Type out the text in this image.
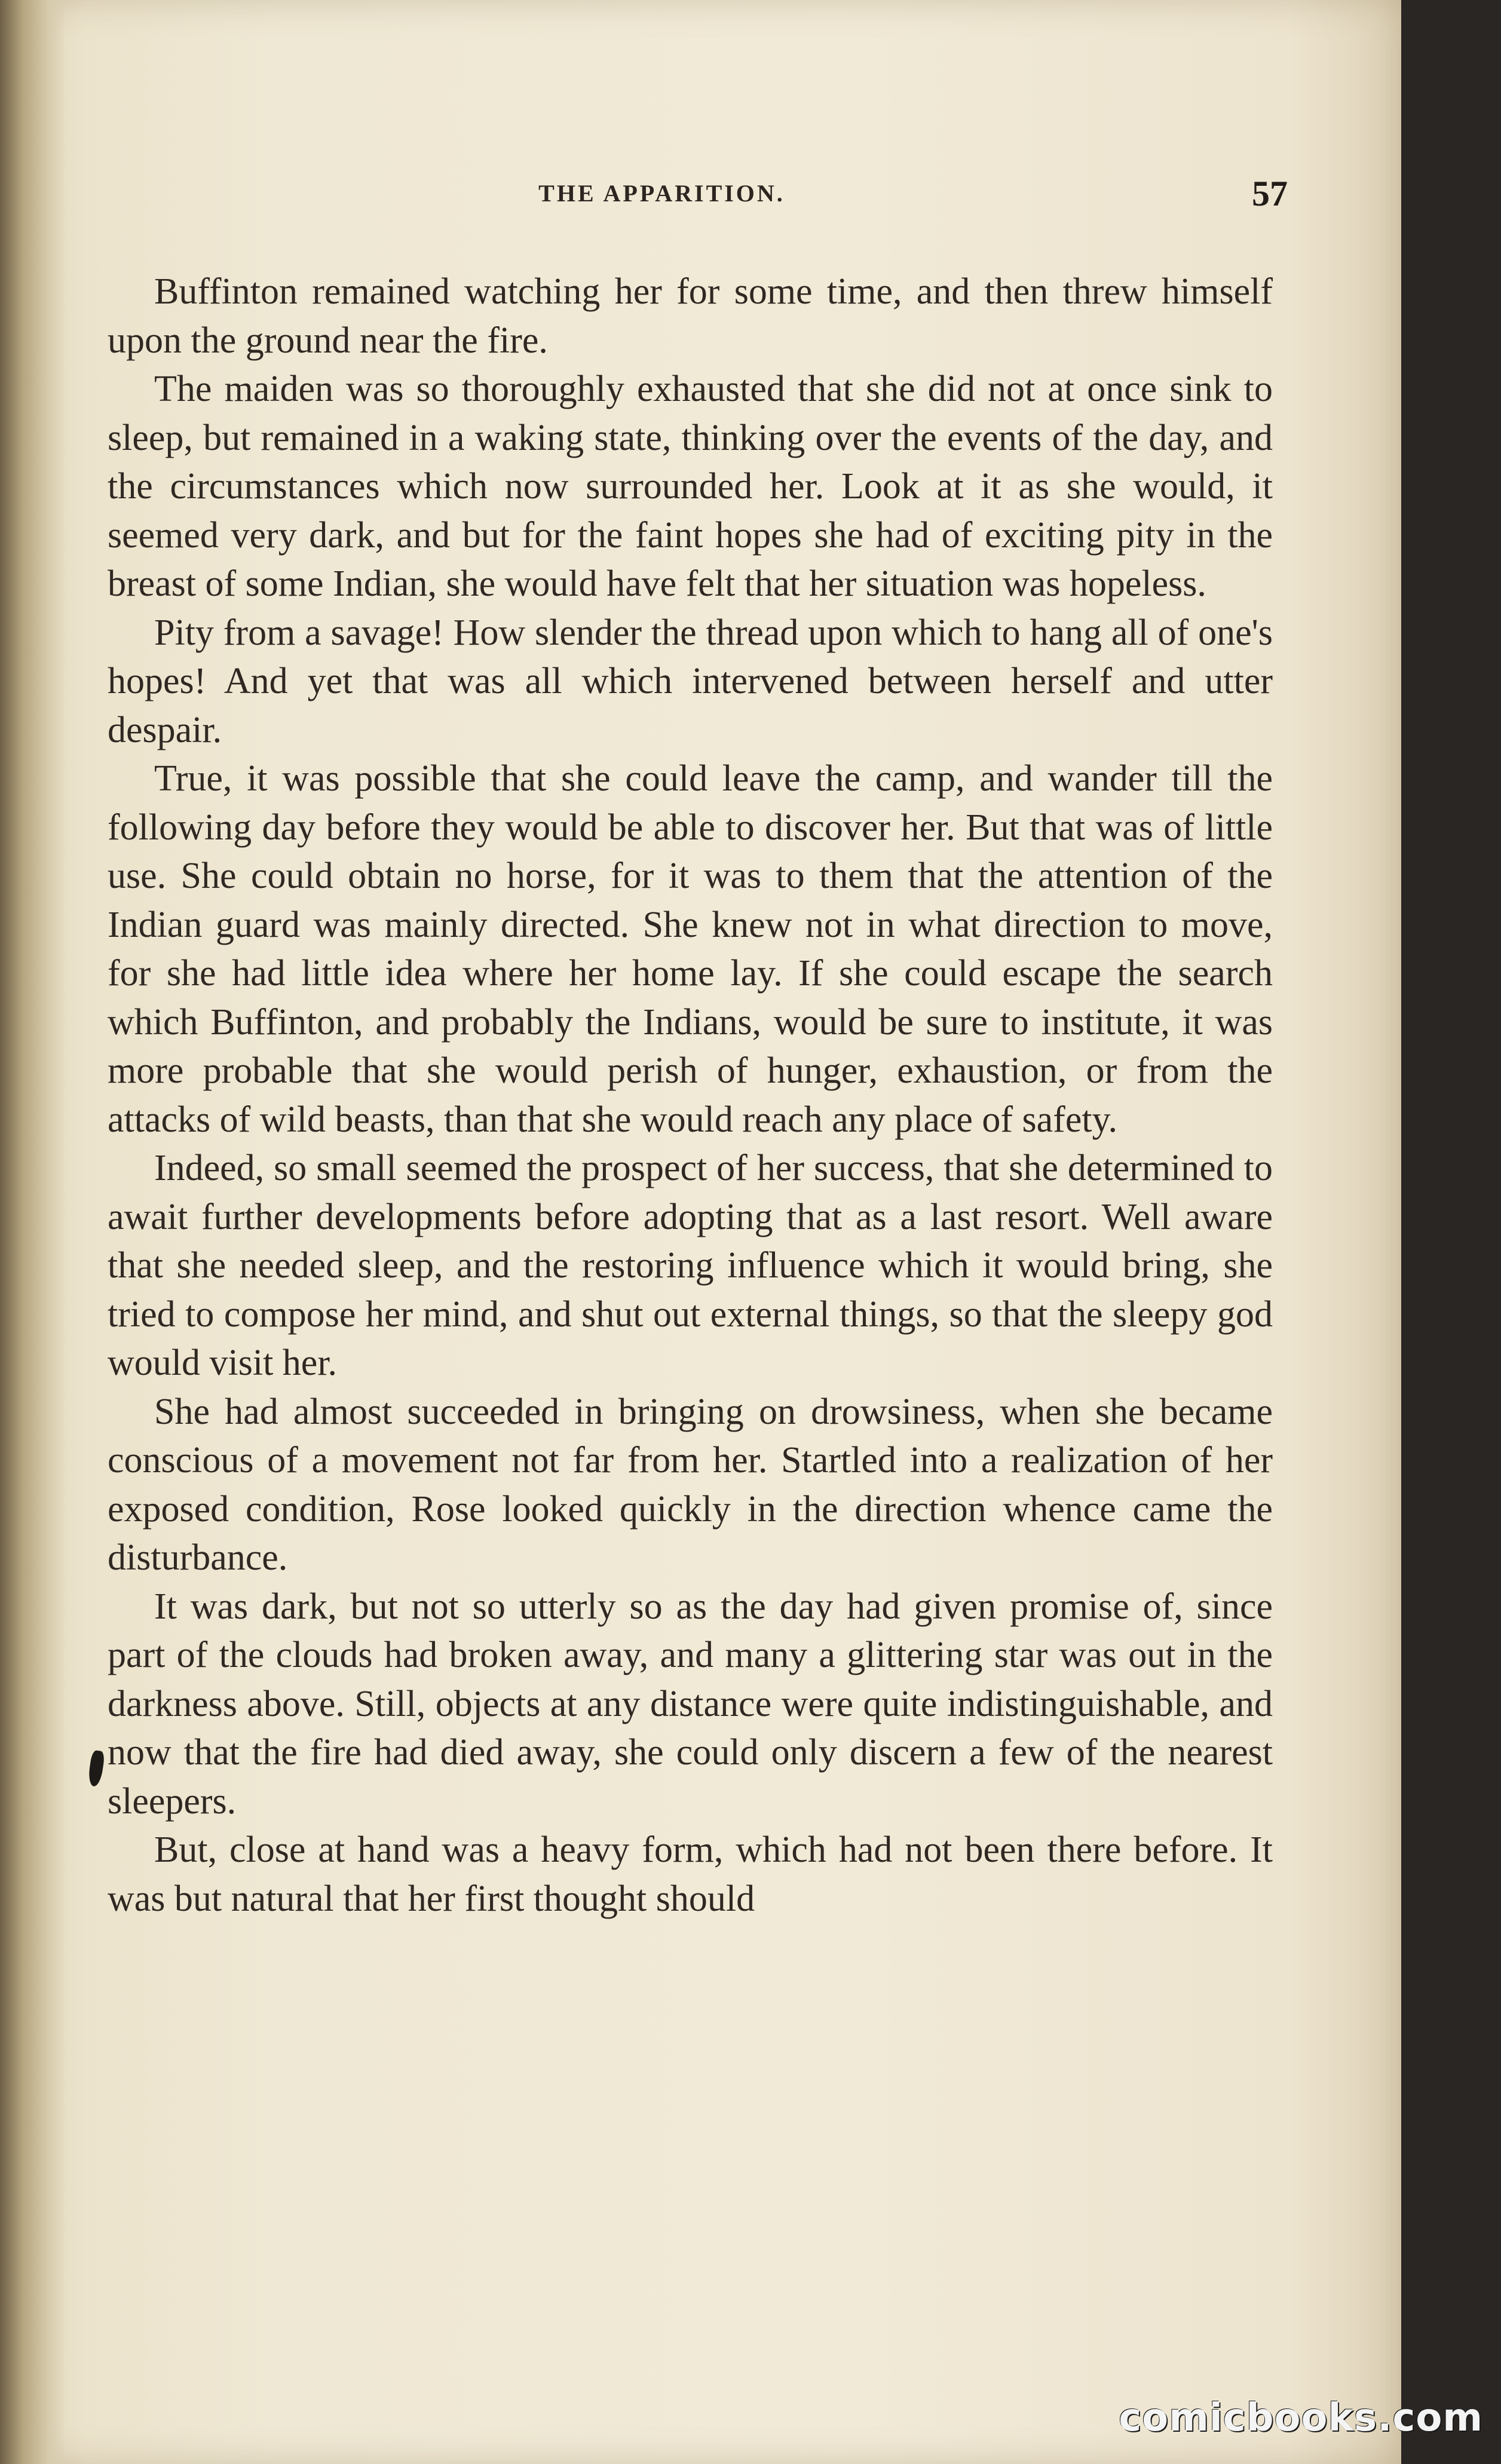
THE APPARITION.	57

Buffinton remained watching her for some time, and then threw himself upon the ground near the fire.

The maiden was so thoroughly exhausted that she did not at once sink to sleep, but remained in a waking state, thinking over the events of the day, and the circumstances which now surrounded her. Look at it as she would, it seemed very dark, and but for the faint hopes she had of exciting pity in the breast of some Indian, she would have felt that her situation was hopeless.

Pity from a savage! How slender the thread upon which to hang all of one's hopes! And yet that was all which intervened between herself and utter despair.

True, it was possible that she could leave the camp, and wander till the following day before they would be able to discover her. But that was of little use. She could obtain no horse, for it was to them that the attention of the Indian guard was mainly directed. She knew not in what direction to move, for she had little idea where her home lay. If she could escape the search which Buffinton, and probably the Indians, would be sure to institute, it was more probable that she would perish of hunger, exhaustion, or from the attacks of wild beasts, than that she would reach any place of safety.

Indeed, so small seemed the prospect of her success, that she determined to await further developments before adopting that as a last resort. Well aware that she needed sleep, and the restoring influence which it would bring, she tried to compose her mind, and shut out external things, so that the sleepy god would visit her.

She had almost succeeded in bringing on drowsiness, when she became conscious of a movement not far from her. Startled into a realization of her exposed condition, Rose looked quickly in the direction whence came the disturbance.

It was dark, but not so utterly so as the day had given promise of, since part of the clouds had broken away, and many a glittering star was out in the darkness above. Still, objects at any distance were quite indistinguishable, and now that the fire had died away, she could only discern a few of the nearest sleepers.

But, close at hand was a heavy form, which had not been there before. It was but natural that her first thought should

comicbooks.com
